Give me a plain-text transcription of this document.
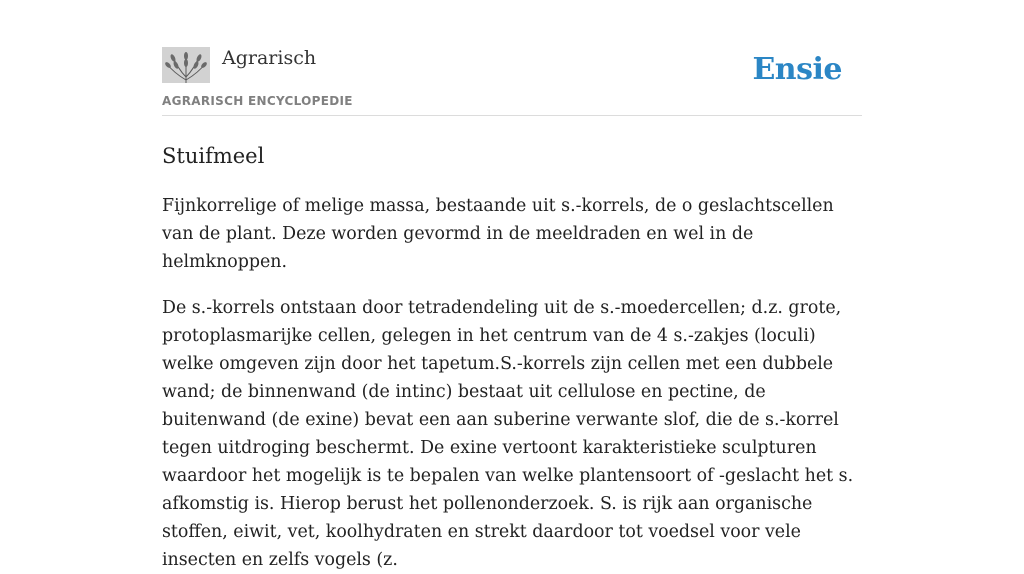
Agrarisch
AGRARISCH ENCYCLOPEDIE
Ensie
Stuifmeel

Fijnkorrelige of melige massa, bestaande uit s.-korrels, de o geslachtscellen van de plant. Deze worden gevormd in de meeldraden en wel in de helmknoppen.

De s.-korrels ontstaan door tetradendeling uit de s.-moedercellen; d.z. grote, protoplasmarijke cellen, gelegen in het centrum van de 4 s.-zakjes (loculi) welke omgeven zijn door het tapetum.S.-korrels zijn cellen met een dubbele wand; de binnenwand (de intinc) bestaat uit cellulose en pectine, de buitenwand (de exine) bevat een aan suberine verwante slof, die de s.-korrel tegen uitdroging beschermt. De exine vertoont karakteristieke sculpturen waardoor het mogelijk is te bepalen van welke plantensoort of -geslacht het s. afkomstig is. Hierop berust het pollenonderzoek. S. is rijk aan organische stoffen, eiwit, vet, koolhydraten en strekt daardoor tot voedsel voor vele insecten en zelfs vogels (z.
